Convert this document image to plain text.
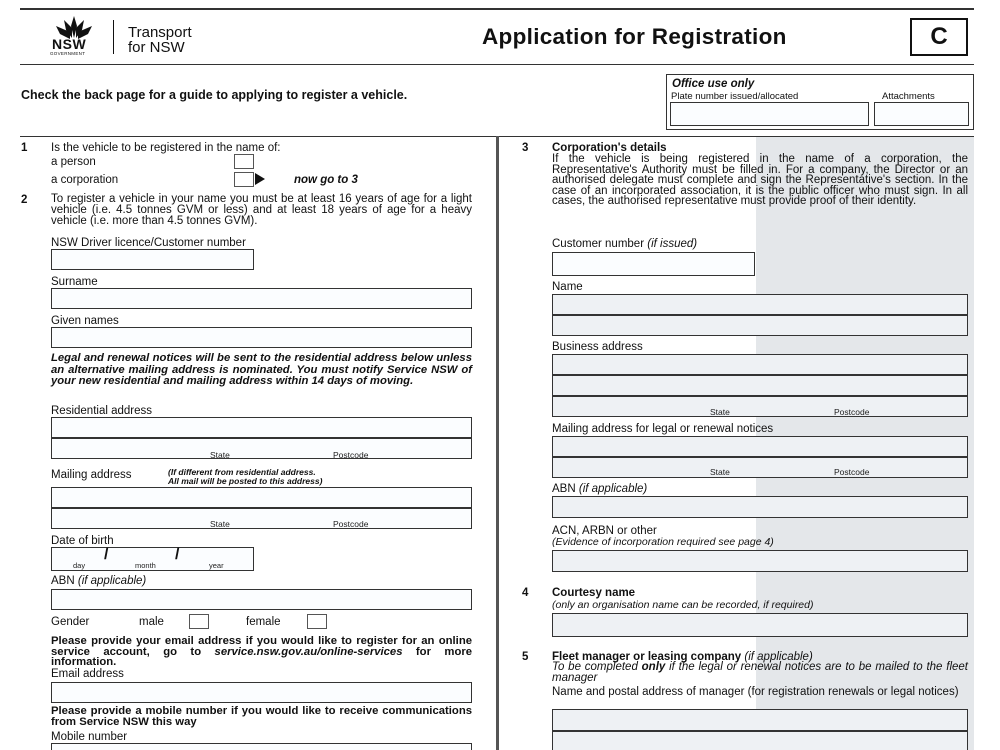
NSW
GOVERNMENT
Transport
for NSW	Application for Registration	C
Check the back page for a guide to applying to register a vehicle.
Office use only
Plate number issued/allocated	Attachments
1 Is the vehicle to be registered in the name of:
a person
a corporation	now go to 3
2 To register a vehicle in your name you must be at least 16 years of age for a light vehicle (i.e. 4.5 tonnes GVM or less) and at least 18 years of age for a heavy vehicle (i.e. more than 4.5 tonnes GVM).
NSW Driver licence/Customer number
Surname
Given names
Legal and renewal notices will be sent to the residential address below unless an alternative mailing address is nominated. You must notify Service NSW of your new residential and mailing address within 14 days of moving.
Residential address
State	Postcode
Mailing address	(If different from residential address.
All mail will be posted to this address)
State	Postcode
Date of birth
/	/
day	month	year
ABN (if applicable)
Gender	male	female
Please provide your email address if you would like to register for an online service account, go to service.nsw.gov.au/online-services for more information.
Email address
Please provide a mobile number if you would like to receive communications from Service NSW this way
Mobile number
3 Corporation's details
If the vehicle is being registered in the name of a corporation, the Representative's Authority must be filled in. For a company, the Director or an authorised delegate must complete and sign the Representative's section. In the case of an incorporated association, it is the public officer who must sign. In all cases, the authorised representative must provide proof of their identity.
Customer number (if issued)
Name
Business address
State	Postcode
Mailing address for legal or renewal notices
State	Postcode
ABN (if applicable)
ACN, ARBN or other
(Evidence of incorporation required see page 4)
4 Courtesy name
(only an organisation name can be recorded, if required)
5 Fleet manager or leasing company (if applicable)
To be completed only if the legal or renewal notices are to be mailed to the fleet manager
Name and postal address of manager (for registration renewals or legal notices)
